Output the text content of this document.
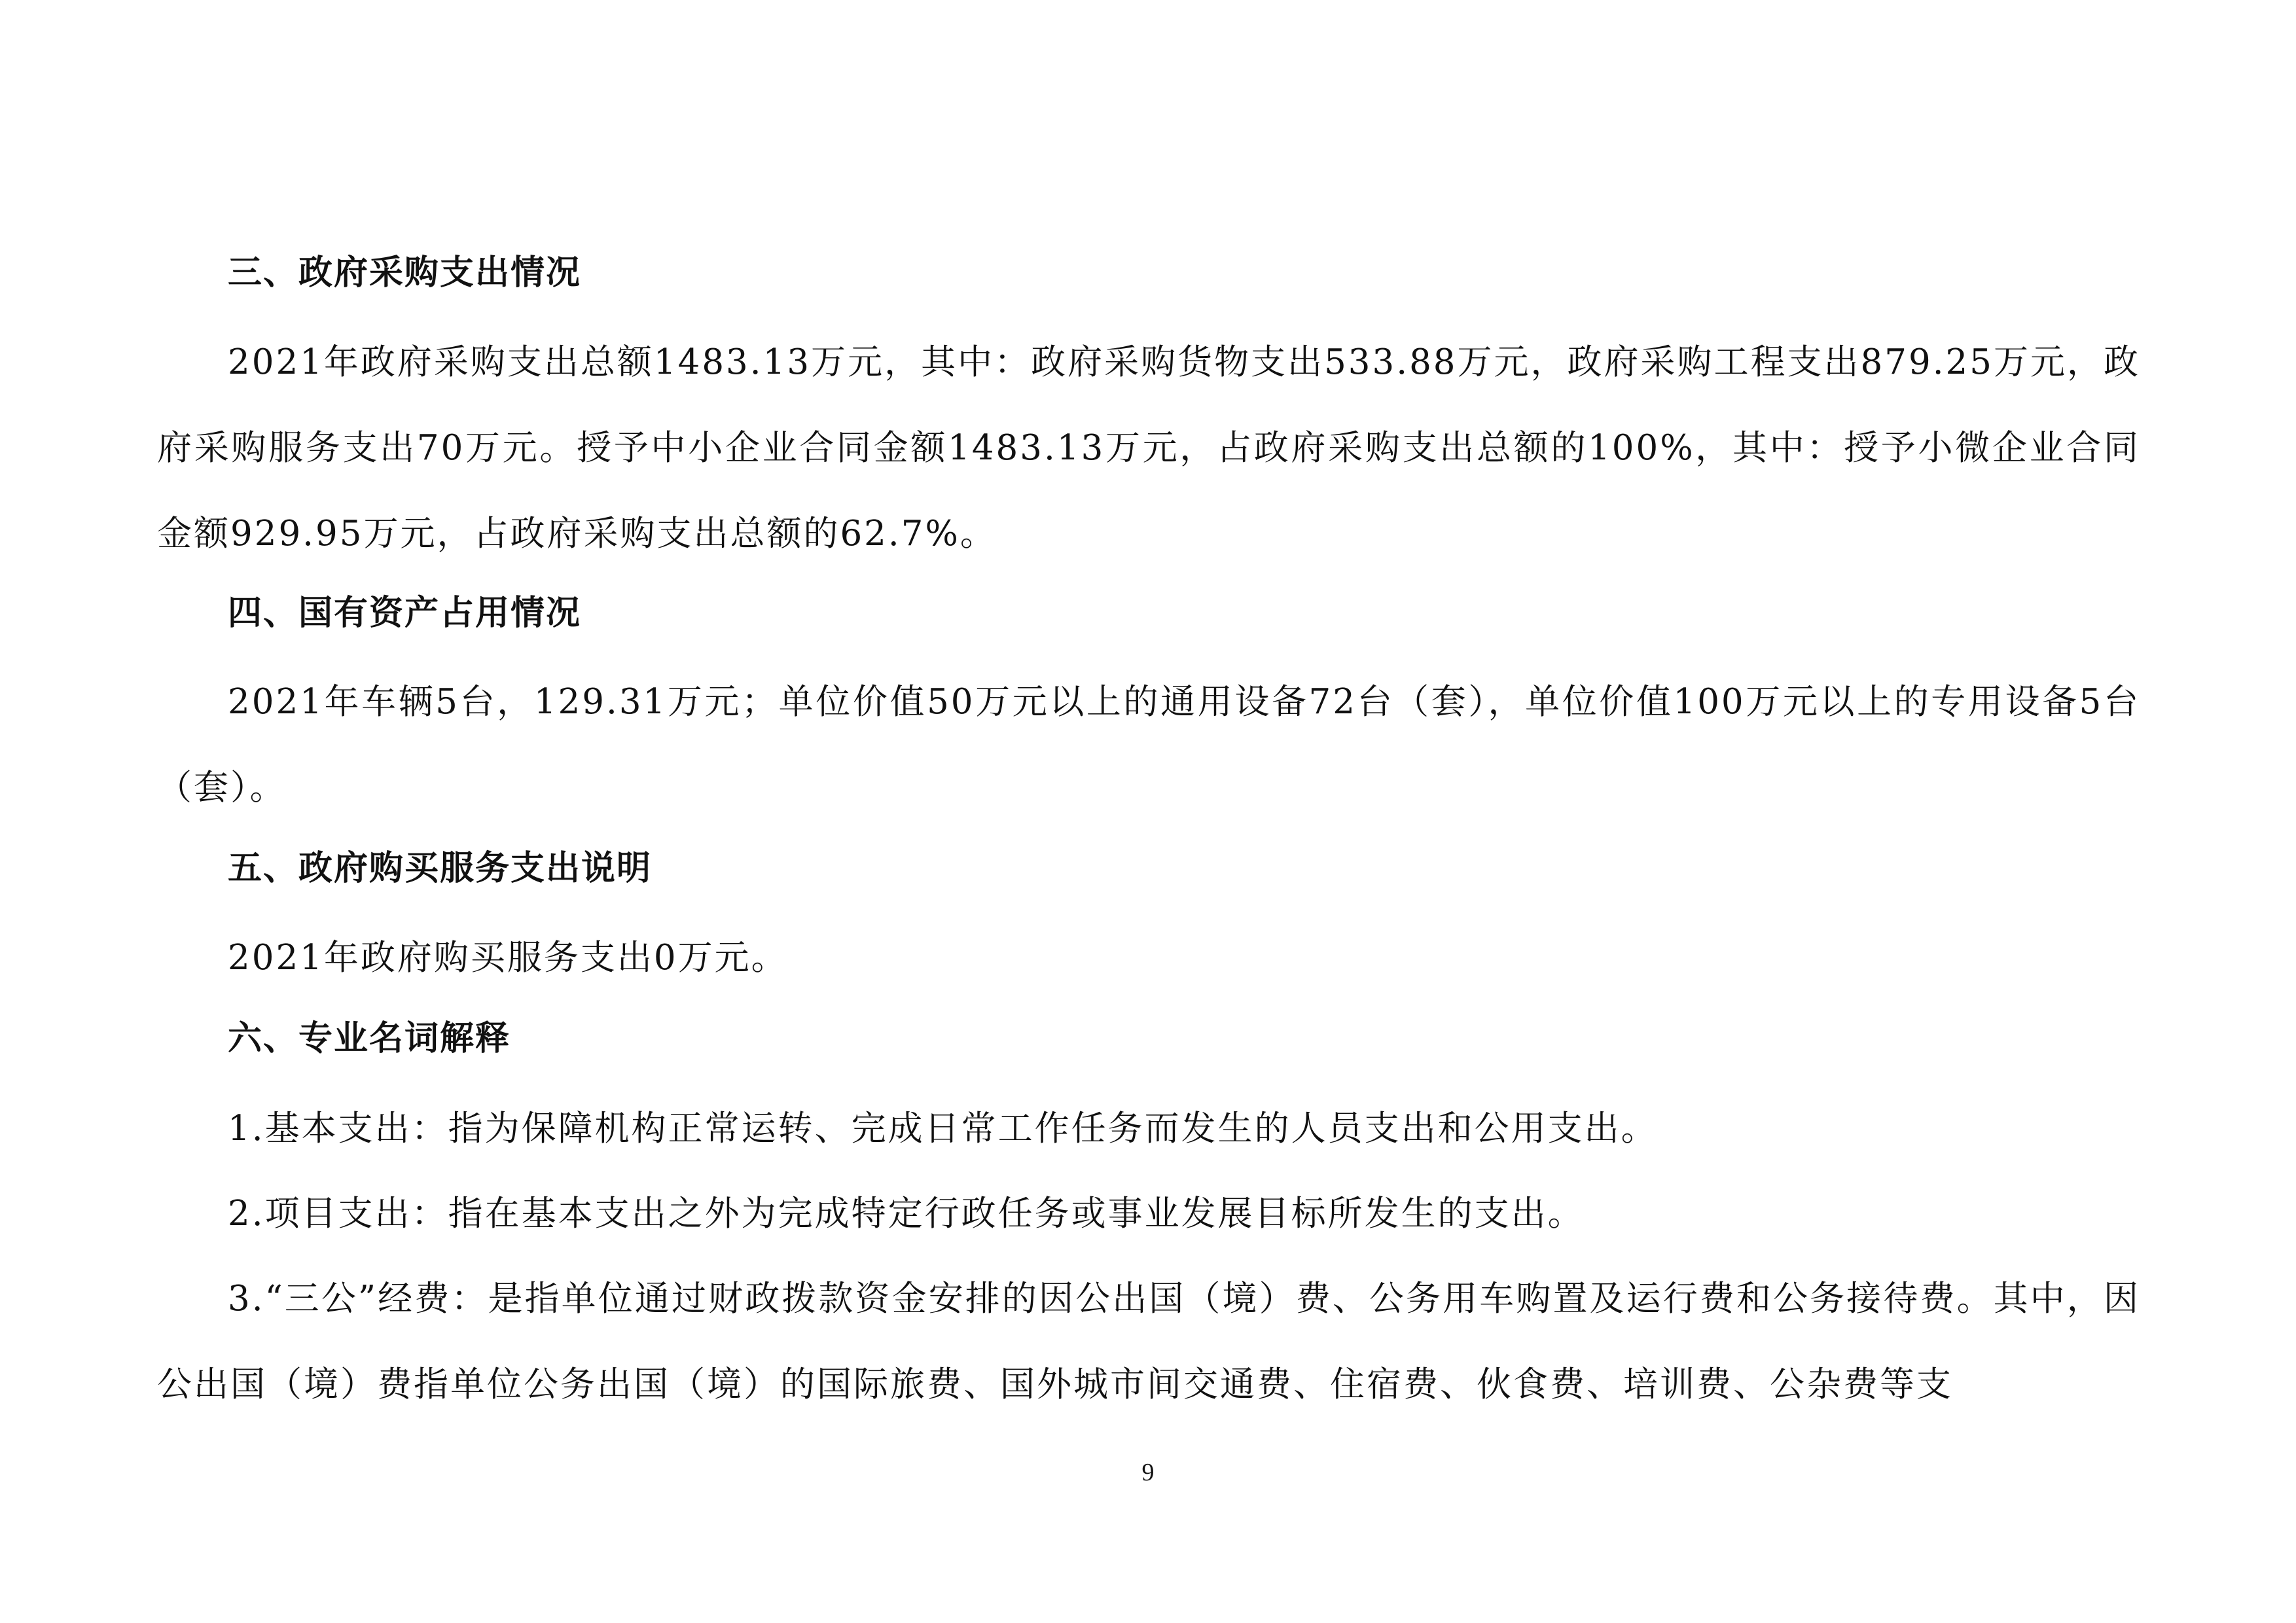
三、政府采购支出情况

2021年政府采购支出总额1483.13万元，其中：政府采购货物支出533.88万元，政府采购工程支出879.25万元，政府采购服务支出70万元。授予中小企业合同金额1483.13万元，占政府采购支出总额的100%，其中：授予小微企业合同金额929.95万元，占政府采购支出总额的62.7%。

四、国有资产占用情况

2021年车辆5台，129.31万元；单位价值50万元以上的通用设备72台（套），单位价值100万元以上的专用设备5台（套）。

五、政府购买服务支出说明

2021年政府购买服务支出0万元。

六、专业名词解释

1.基本支出：指为保障机构正常运转、完成日常工作任务而发生的人员支出和公用支出。

2.项目支出：指在基本支出之外为完成特定行政任务或事业发展目标所发生的支出。

3.“三公”经费：是指单位通过财政拨款资金安排的因公出国（境）费、公务用车购置及运行费和公务接待费。其中，因公出国（境）费指单位公务出国（境）的国际旅费、国外城市间交通费、住宿费、伙食费、培训费、公杂费等支

9
